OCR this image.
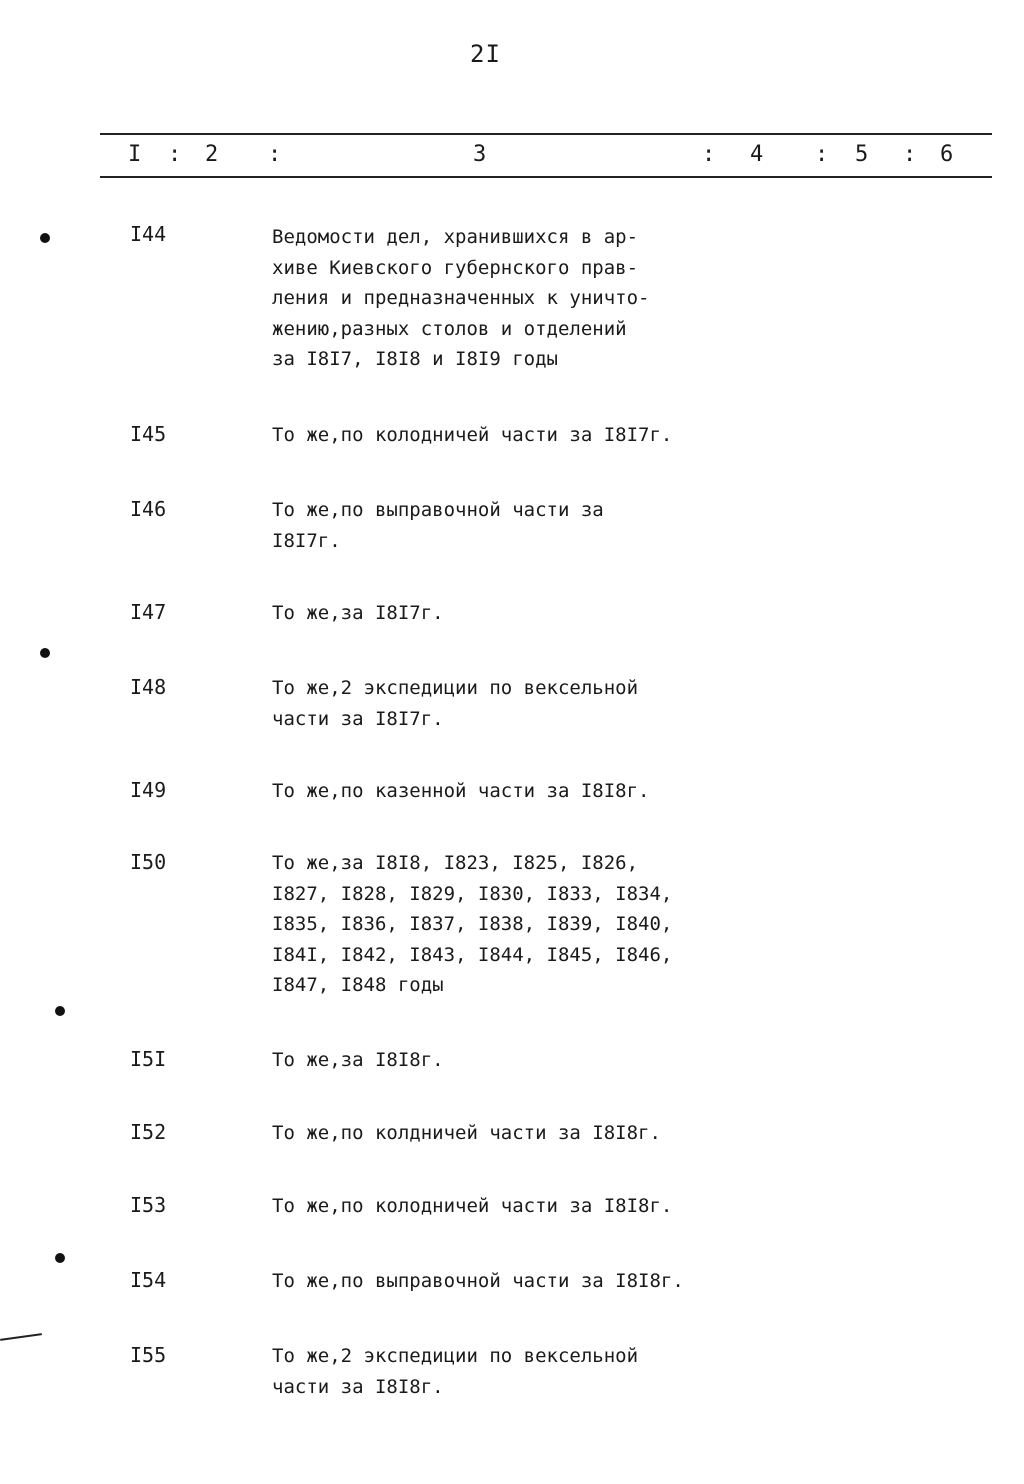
2I
I : 2 :	3	: 4 : 5 : 6
I44	Ведомости дел, хранившихся в ар-
хиве Киевского губернского прав-
ления и предназначенных к уничто-
жению,разных столов и отделений
за I8I7, I8I8 и I8I9 годы
I45	То же,по колодничей части за I8I7г.
I46	То же,по выправочной части за
I8I7г.
I47	То же,за I8I7г.
I48	То же,2 экспедиции по вексельной
части за I8I7г.
I49	То же,по казенной части за I8I8г.
I50	То же,за I8I8, I823, I825, I826,
I827, I828, I829, I830, I833, I834,
I835, I836, I837, I838, I839, I840,
I84I, I842, I843, I844, I845, I846,
I847, I848 годы
I5I	То же,за I8I8г.
I52	То же,по колдничей части за I8I8г.
I53	То же,по колодничей части за I8I8г.
I54	То же,по выправочной части за I8I8г.
I55	То же,2 экспедиции по вексельной
части за I8I8г.
